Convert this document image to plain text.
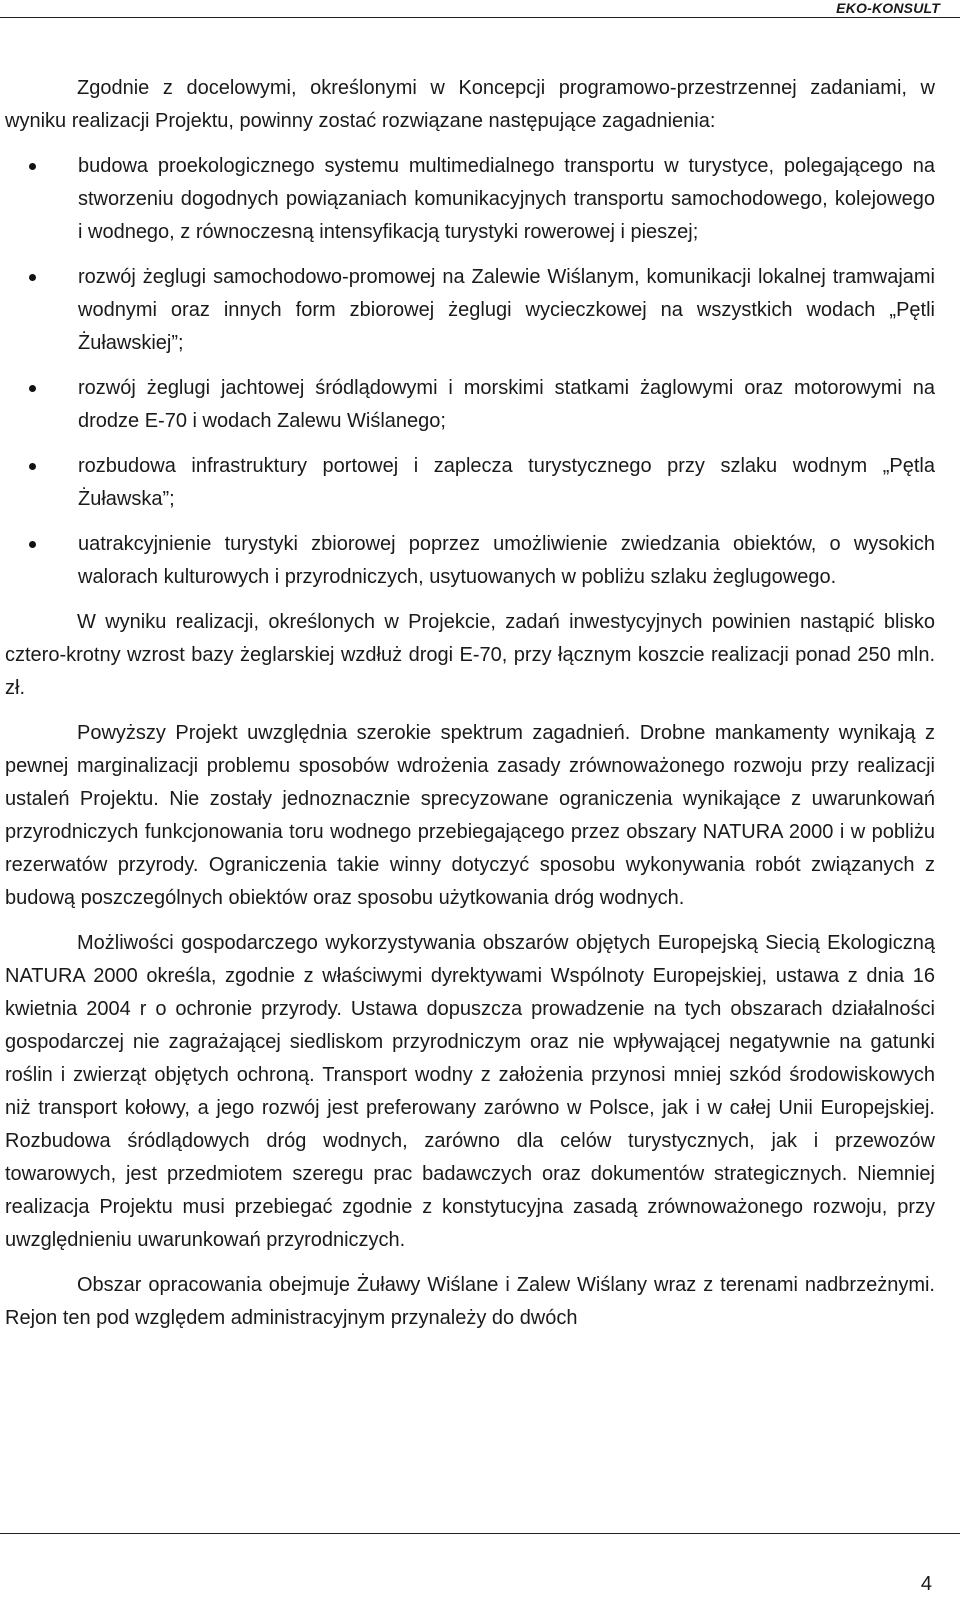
EKO-KONSULT

Zgodnie z docelowymi, określonymi w Koncepcji programowo-przestrzennej zadaniami, w wyniku realizacji Projektu, powinny zostać rozwiązane następujące zagadnienia:

budowa proekologicznego systemu multimedialnego transportu w turystyce, polegającego na stworzeniu dogodnych powiązaniach komunikacyjnych transportu samochodowego, kolejowego i wodnego, z równoczesną intensyfikacją turystyki rowerowej i pieszej;
rozwój żeglugi samochodowo-promowej na Zalewie Wiślanym, komunikacji lokalnej tramwajami wodnymi oraz innych form zbiorowej żeglugi wycieczkowej na wszystkich wodach „Pętli Żuławskiej”;
rozwój żeglugi jachtowej śródlądowymi i morskimi statkami żaglowymi oraz motorowymi na drodze E-70 i wodach Zalewu Wiślanego;
rozbudowa infrastruktury portowej i zaplecza turystycznego przy szlaku wodnym „Pętla Żuławska”;
uatrakcyjnienie turystyki zbiorowej poprzez umożliwienie zwiedzania obiektów, o wysokich walorach kulturowych i przyrodniczych, usytuowanych w pobliżu szlaku żeglugowego.

W wyniku realizacji, określonych w Projekcie, zadań inwestycyjnych powinien nastąpić blisko cztero-krotny wzrost bazy żeglarskiej wzdłuż drogi E-70, przy łącznym koszcie realizacji ponad 250 mln. zł.

Powyższy Projekt uwzględnia szerokie spektrum zagadnień. Drobne mankamenty wynikają z pewnej marginalizacji problemu sposobów wdrożenia zasady zrównoważonego rozwoju przy realizacji ustaleń Projektu. Nie zostały jednoznacznie sprecyzowane ograniczenia wynikające z uwarunkowań przyrodniczych funkcjonowania toru wodnego przebiegającego przez obszary NATURA 2000 i w pobliżu rezerwatów przyrody. Ograniczenia takie winny dotyczyć sposobu wykonywania robót związanych z budową poszczególnych obiektów oraz sposobu użytkowania dróg wodnych.

Możliwości gospodarczego wykorzystywania obszarów objętych Europejską Siecią Ekologiczną NATURA 2000 określa, zgodnie z właściwymi dyrektywami Wspólnoty Europejskiej, ustawa z dnia 16 kwietnia 2004 r o ochronie przyrody. Ustawa dopuszcza prowadzenie na tych obszarach działalności gospodarczej nie zagrażającej siedliskom przyrodniczym oraz nie wpływającej negatywnie na gatunki roślin i zwierząt objętych ochroną. Transport wodny z założenia przynosi mniej szkód środowiskowych niż transport kołowy, a jego rozwój jest preferowany zarówno w Polsce, jak i w całej Unii Europejskiej. Rozbudowa śródlądowych dróg wodnych, zarówno dla celów turystycznych, jak i przewozów towarowych, jest przedmiotem szeregu prac badawczych oraz dokumentów strategicznych. Niemniej realizacja Projektu musi przebiegać zgodnie z konstytucyjna zasadą zrównoważonego rozwoju, przy uwzględnieniu uwarunkowań przyrodniczych.

Obszar opracowania obejmuje Żuławy Wiślane i Zalew Wiślany wraz z terenami nadbrzeżnymi. Rejon ten pod względem administracyjnym przynależy do dwóch

4
